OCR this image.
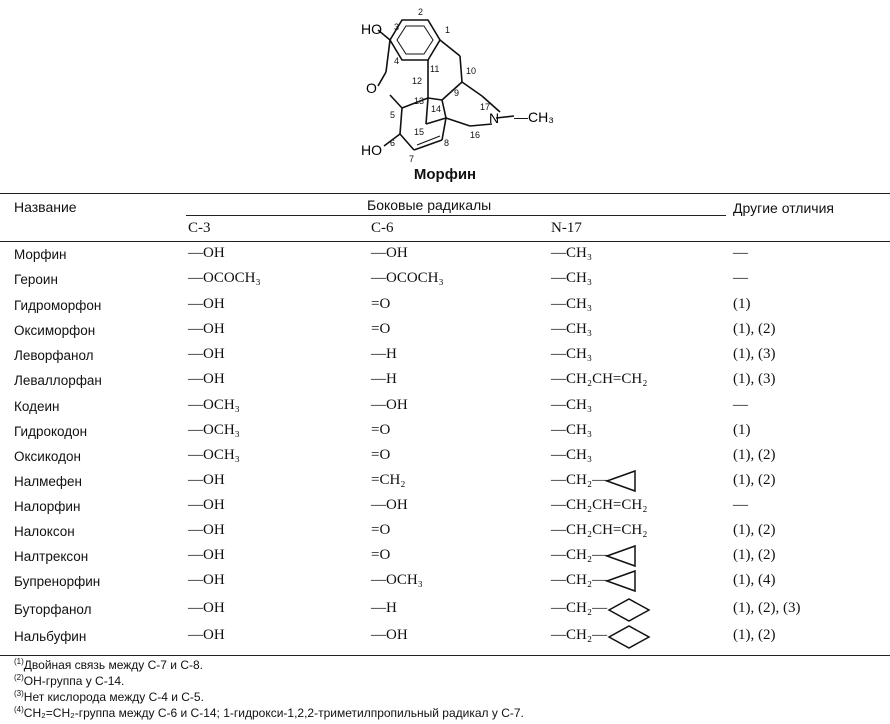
HO
O
HO
N —CH₃
1
2
3
4
5
6
7
8
9
10
11
12
13
14
15	16
17
Морфин
Название	Боковые радикалы	Другие отличия
C-3	C-6	N-17
Морфин	—OH	—OH	—CH₃	—
Героин	—OCOCH₃	—OCOCH₃	—CH₃	—
Гидроморфон	—OH	=O	—CH₃	(1)
Оксиморфон	—OH	=O	—CH₃	(1), (2)
Леворфанол	—OH	—H	—CH₃	(1), (3)
Леваллорфан	—OH	—H	—CH₂CH=CH₂	(1), (3)
Кодеин	—OCH₃	—OH	—CH₃	—
Гидрокодон	—OCH₃	=O	—CH₃	(1)
Оксикодон	—OCH₃	=O	—CH₃	(1), (2)
Налмефен	—OH	=CH₂	—CH₂—	(1), (2)
Налорфин	—OH	—OH	—CH₂CH=CH₂	—
Налоксон	—OH	=O	—CH₂CH=CH₂	(1), (2)
Налтрексон	—OH	=O	—CH₂—	(1), (2)
Бупренорфин	—OH	—OCH₃	—CH₂—	(1), (4)
Буторфанол	—OH	—H	—CH₂—	(1), (2), (3)
Нальбуфин	—OH	—OH	—CH₂—	(1), (2)
$^{(1)}$Двойная связь между C-7 и C-8.
$^{(2)}$OH-группа у C-14.
$^{(3)}$Нет кислорода между C-4 и C-5.
$^{(4)}$CH₂=CH₂-группа между C-6 и C-14; 1-гидрокси-1,2,2-триметилпропильный радикал у C-7.
